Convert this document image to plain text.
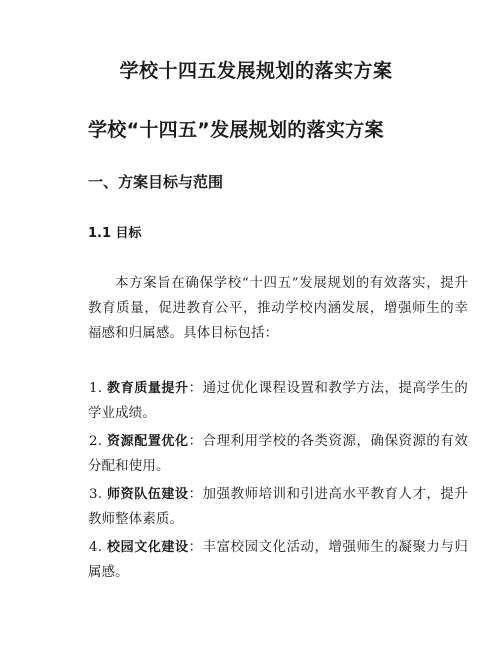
学校十四五发展规划的落实方案
学校“十四五”发展规划的落实方案
一、方案目标与范围
1.1 目标
本方案旨在确保学校“十四五”发展规划的有效落实，提升教育质量，促进教育公平，推动学校内涵发展，增强师生的幸福感和归属感。具体目标包括：
1. 教育质量提升：通过优化课程设置和教学方法，提高学生的学业成绩。
2. 资源配置优化：合理利用学校的各类资源，确保资源的有效分配和使用。
3. 师资队伍建设：加强教师培训和引进高水平教育人才，提升教师整体素质。
4. 校园文化建设：丰富校园文化活动，增强师生的凝聚力与归属感。
